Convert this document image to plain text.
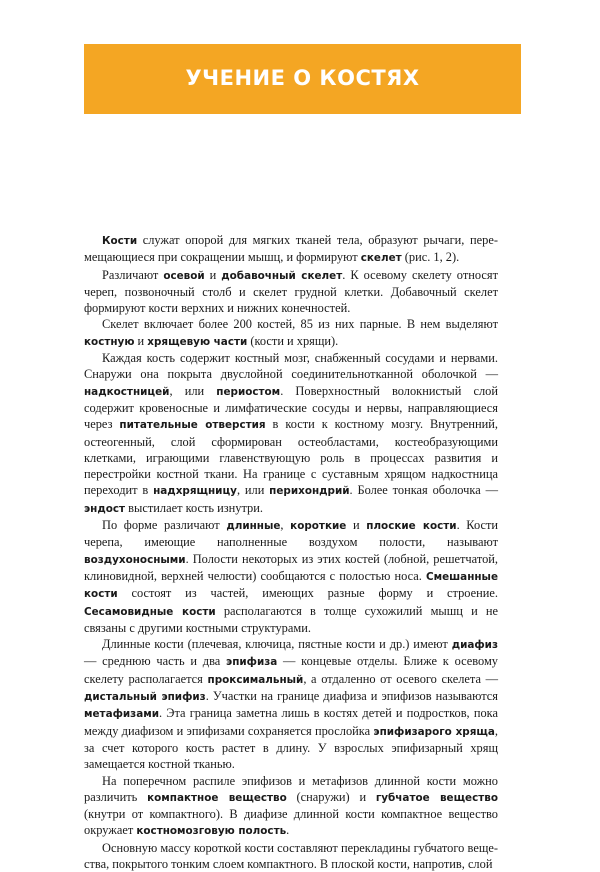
УЧЕНИЕ О КОСТЯХ

Кости служат опорой для мягких тканей тела, образуют рычаги, перемещающиеся при сокращении мышц, и формируют скелет (рис. 1, 2).

Различают осевой и добавочный скелет. К осевому скелету относят череп, позвоночный столб и скелет грудной клетки. Добавочный скелет формируют кости верхних и нижних конечностей.

Скелет включает более 200 костей, 85 из них парные. В нем выделяют костную и хрящевую части (кости и хрящи).

Каждая кость содержит костный мозг, снабженный сосудами и нервами. Снаружи она покрыта двуслойной соединительнотканной оболочкой — надкостницей, или периостом. Поверхностный волокнистый слой содержит кровеносные и лимфатические сосуды и нервы, направляющиеся через питательные отверстия в кости к костному мозгу. Внутренний, остеогенный, слой сформирован остеобластами, костеобразующими клетками, играющими главенствующую роль в процессах развития и перестройки костной ткани. На границе с суставным хрящом надкостница переходит в надхрящницу, или перихондрий. Более тонкая оболочка — эндост выстилает кость изнутри.

По форме различают длинные, короткие и плоские кости. Кости черепа, имеющие наполненные воздухом полости, называют воздухоносными. Полости некоторых из этих костей (лобной, решетчатой, клиновидной, верхней челюсти) сообщаются с полостью носа. Смешанные кости состоят из частей, имеющих разные форму и строение. Сесамовидные кости располагаются в толще сухожилий мышц и не связаны с другими костными структурами.

Длинные кости (плечевая, ключица, пястные кости и др.) имеют диафиз — среднюю часть и два эпифиза — концевые отделы. Ближе к осевому скелету располагается проксимальный, а отдаленно от осевого скелета — дистальный эпифиз. Участки на границе диафиза и эпифизов называются метафизами. Эта граница заметна лишь в костях детей и подростков, пока между диафизом и эпифизами сохраняется прослойка эпифизарого хряща, за счет которого кость растет в длину. У взрослых эпифизарный хрящ замещается костной тканью.

На поперечном распиле эпифизов и метафизов длинной кости можно различить компактное вещество (снаружи) и губчатое вещество (кнутри от компактного). В диафизе длинной кости компактное вещество окружает костномозговую полость.

Основную массу короткой кости составляют перекладины губчатого вещества, покрытого тонким слоем компактного. В плоской кости, напротив, слой
